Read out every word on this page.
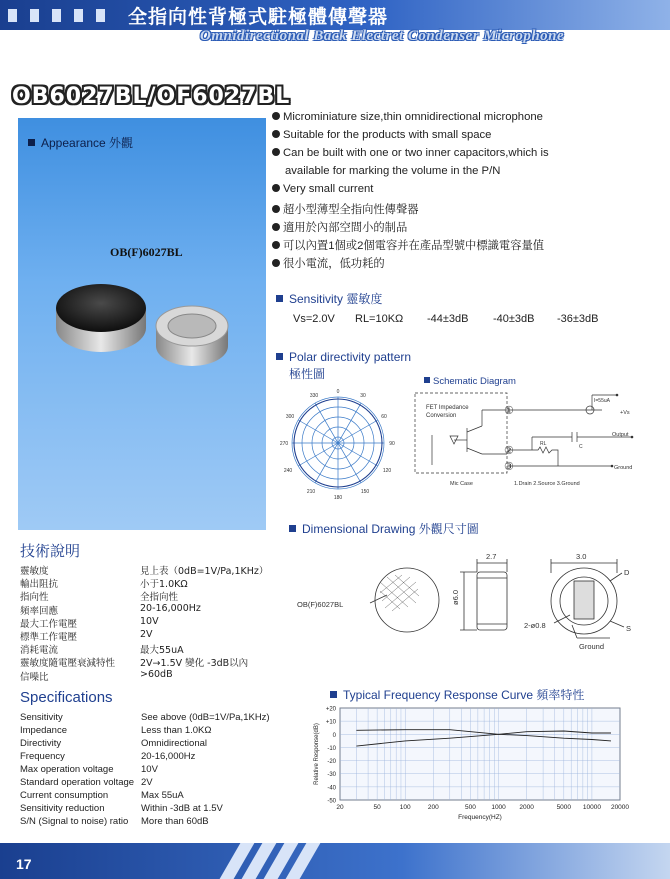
全指向性背極式駐極體傳聲器
Omnidirectional Back Electret Condenser Microphone
OB6027BL/OF6027BL
Appearance 外觀
OB(F)6027BL
Microminiature size,thin omnidirectional microphone
Suitable for the products with small space
Can be built with one or two inner capacitors,which is
available for marking the volume in the P/N
Very small current
超小型薄型全指向性傳聲器
適用於內部空間小的制品
可以內置1個或2個電容并在產品型號中標識電容量值
很小電流，低功耗的
Sensitivity 靈敏度
Vs=2.0V RL=10KΩ -44±3dB -40±3dB -36±3dB
Polar directivity pattern
極性圖
330
0
30
300	60
270	90
240	120
210
180
150
Schematic Diagram
FET Impedance
Conversion	①
②
③
I=55uA
+Vs
Output
Ground
RL	C
Mic Case	1.Drain 2.Source 3.Ground
Dimensional Drawing 外觀尺寸圖
OB(F)6027BL
2.7
ø6.0
3.0
2-ø0.8
D
S
Ground
技術說明
靈敏度	見上表（0dB=1V/Pa,1KHz）
輸出阻抗	小于1.0KΩ
指向性	全指向性
頻率回應	20-16,000Hz
最大工作電壓	10V
標準工作電壓	2V
消耗電流	最大55uA
靈敏度隨電壓衰減特性	2V→1.5V 變化 -3dB以內
信噪比	>60dB
Specifications
Sensitivity	See above (0dB=1V/Pa,1KHz)
Impedance	Less than 1.0KΩ
Directivity	Omnidirectional
Frequency	20-16,000Hz
Max operation voltage	10V
Standard operation voltage 2V
Current consumption	Max 55uA
Sensitivity reduction	Within -3dB at 1.5V
S/N (Signal to noise) ratio More than 60dB
Typical Frequency Response Curve 頻率特性
+20
+10
0
-10
-20
-30
-40
-50
20	50	100	200	500 1000 2000	5000 10000 20000
Frequency(HZ)
Relative Response(dB)
17
